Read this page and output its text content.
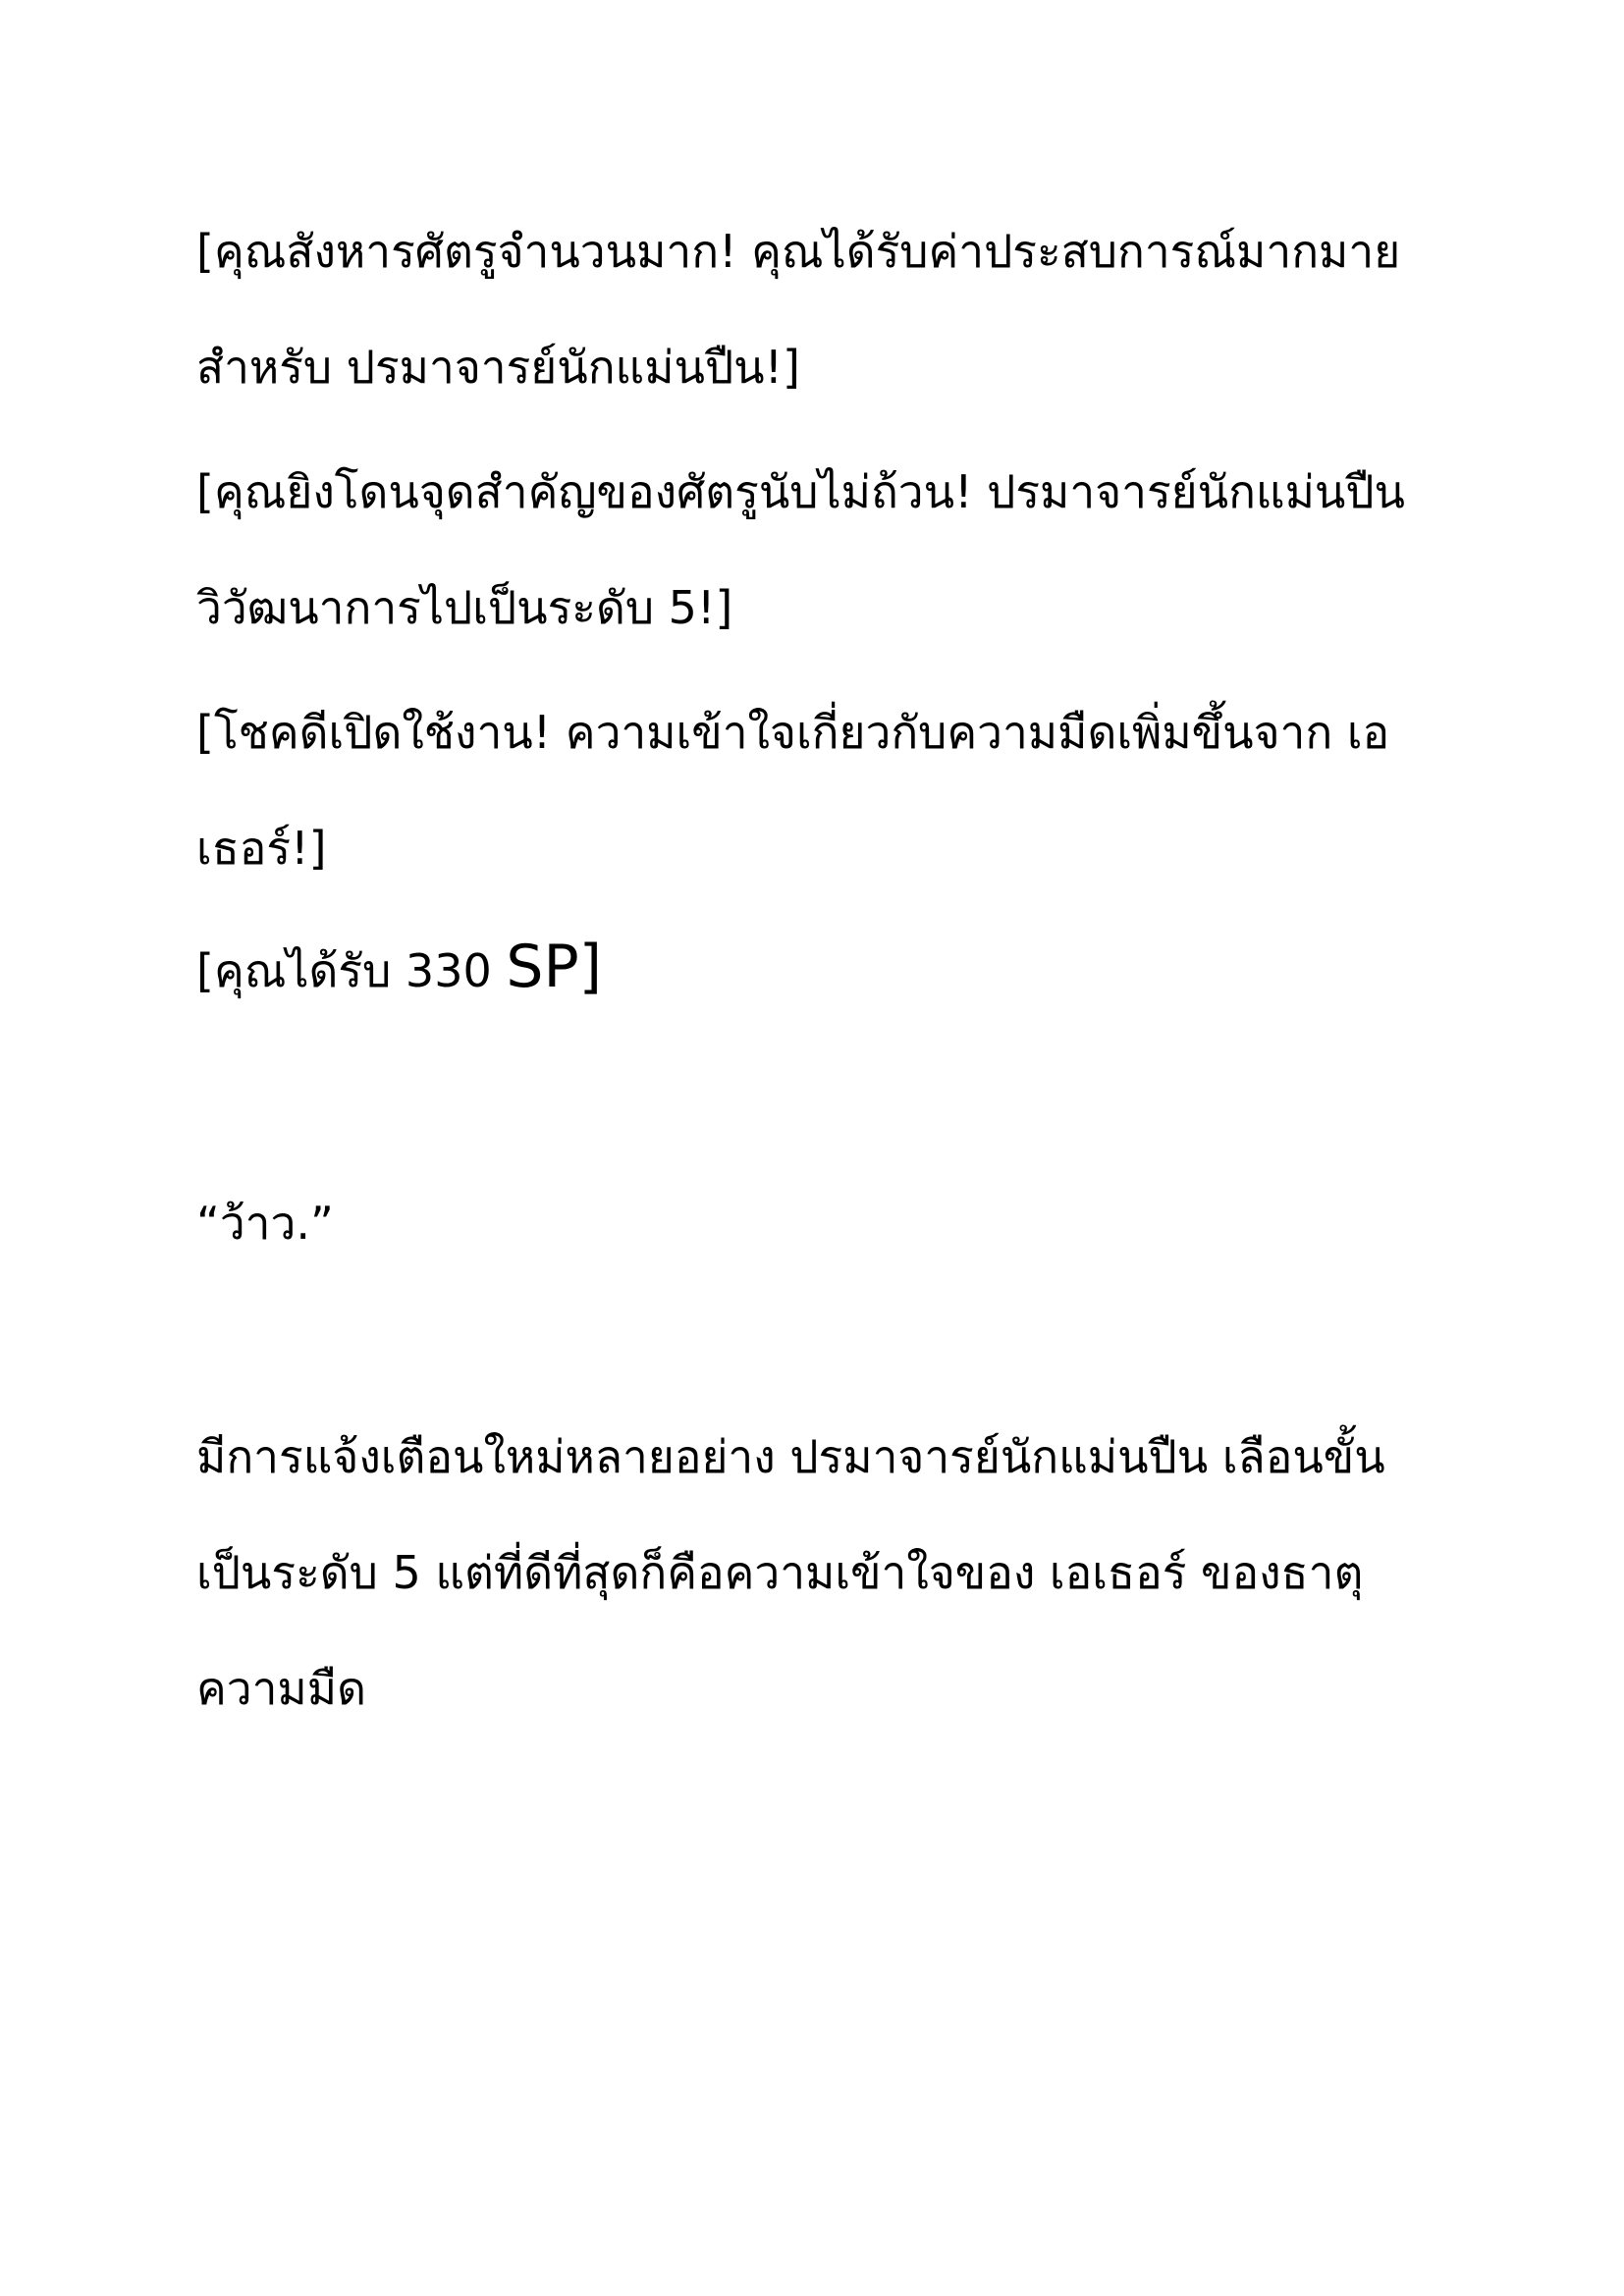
[คุณสังหารศัตรูจำนวนมาก! คุณได้รับค่าประสบการณ์มากมาย
สำหรับ ปรมาจารย์นักแม่นปืน!]
[คุณยิงโดนจุดสำคัญของศัตรูนับไม่ถ้วน! ปรมาจารย์นักแม่นปืน
วิวัฒนาการไปเป็นระดับ 5!]
[โชคดีเปิดใช้งาน! ความเข้าใจเกี่ยวกับความมืดเพิ่มขึ้นจาก เอ
เธอร์!]
[คุณได้รับ 330 SP]
“ว้าว.”
มีการแจ้งเตือนใหม่หลายอย่าง ปรมาจารย์นักแม่นปืน เลือนขั้น
เป็นระดับ 5 แต่ที่ดีที่สุดก็คือความเข้าใจของ เอเธอร์ ของธาตุ
ความมืด
